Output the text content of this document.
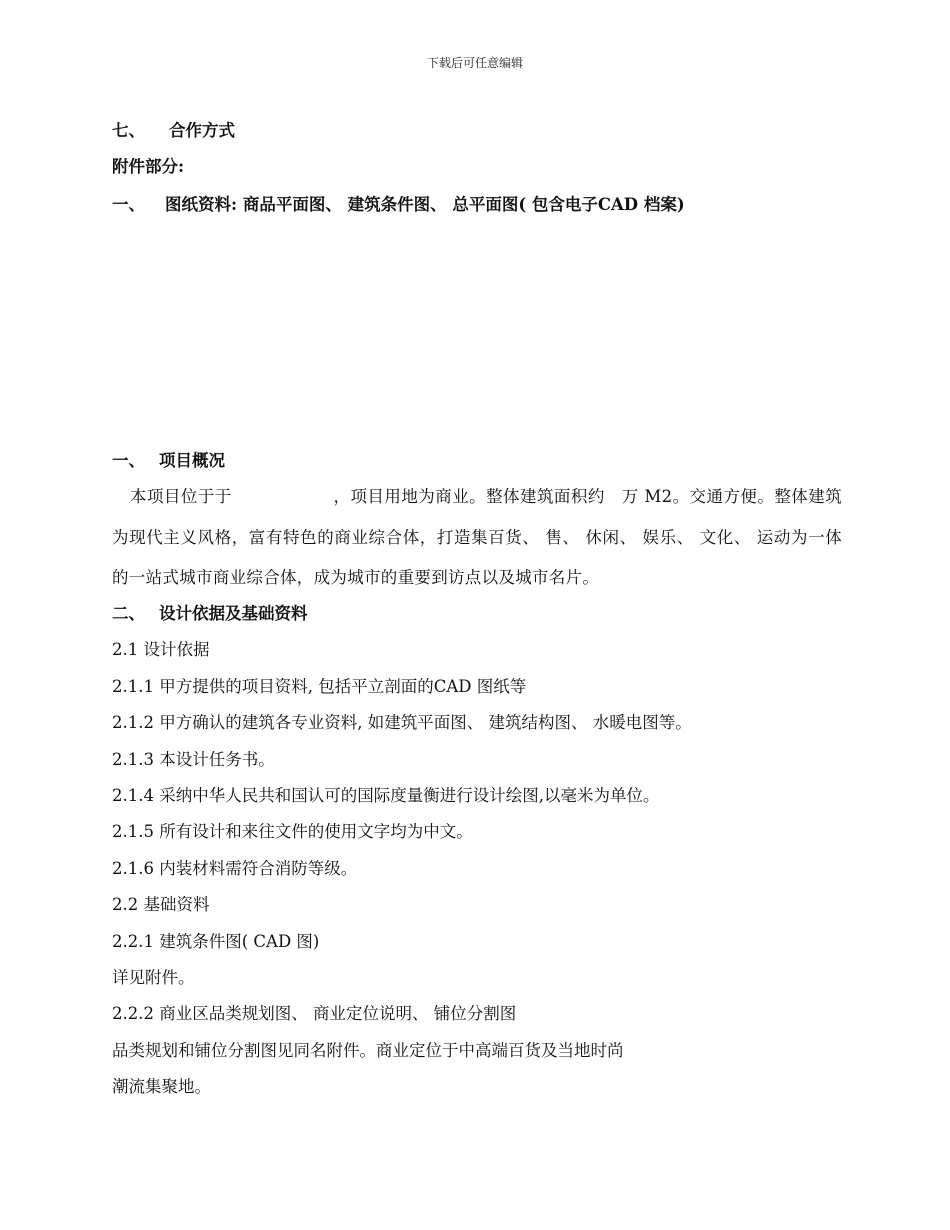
下载后可任意编辑
七、 合作方式
附件部分:
一、 图纸资料: 商品平面图、 建筑条件图、 总平面图( 包含电子CAD 档案)
一、 项目概况
本项目位于于　　　　　　，项目用地为商业。整体建筑面积约　万 M2。交通方便。整体建筑为现代主义风格，富有特色的商业综合体，打造集百货、 售、 休闲、 娱乐、 文化、 运动为一体的一站式城市商业综合体，成为城市的重要到访点以及城市名片。
二、 设计依据及基础资料
2.1 设计依据
2.1.1 甲方提供的项目资料, 包括平立剖面的CAD 图纸等
2.1.2 甲方确认的建筑各专业资料, 如建筑平面图、 建筑结构图、 水暖电图等。
2.1.3 本设计任务书。
2.1.4 采纳中华人民共和国认可的国际度量衡进行设计绘图,以毫米为单位。
2.1.5 所有设计和来往文件的使用文字均为中文。
2.1.6 内装材料需符合消防等级。
2.2 基础资料
2.2.1 建筑条件图( CAD 图)
详见附件。
2.2.2 商业区品类规划图、 商业定位说明、 铺位分割图
品类规划和铺位分割图见同名附件。商业定位于中高端百货及当地时尚
潮流集聚地。
